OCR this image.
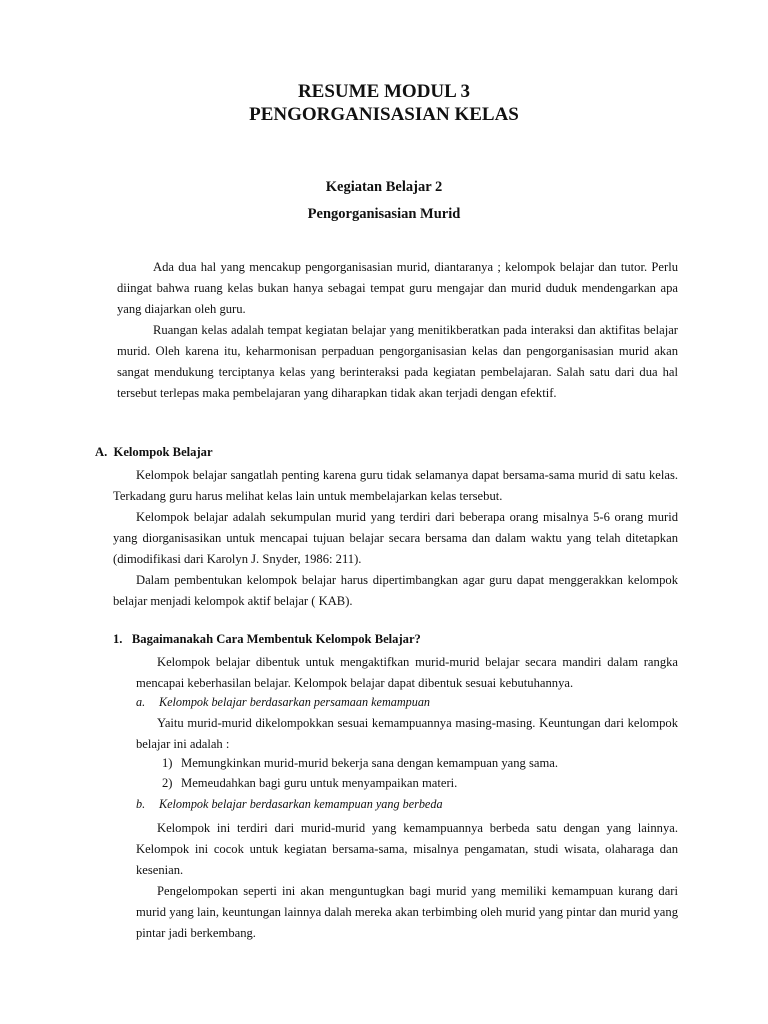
RESUME MODUL 3
PENGORGANISASIAN KELAS
Kegiatan Belajar 2
Pengorganisasian Murid

Ada dua hal yang mencakup pengorganisasian murid, diantaranya ; kelompok belajar dan tutor. Perlu diingat bahwa ruang kelas bukan hanya sebagai tempat guru mengajar dan murid duduk mendengarkan apa yang diajarkan oleh guru.

Ruangan kelas adalah tempat kegiatan belajar yang menitikberatkan pada interaksi dan aktifitas belajar murid. Oleh karena itu, keharmonisan perpaduan pengorganisasian kelas dan pengorganisasian murid akan sangat mendukung terciptanya kelas yang berinteraksi pada kegiatan pembelajaran. Salah satu dari dua hal tersebut terlepas maka pembelajaran yang diharapkan tidak akan terjadi dengan efektif.

A.  Kelompok Belajar

Kelompok belajar sangatlah penting karena guru tidak selamanya dapat bersama-sama murid di satu kelas. Terkadang guru harus melihat kelas lain untuk membelajarkan kelas tersebut.

Kelompok belajar adalah sekumpulan murid yang terdiri dari beberapa orang misalnya 5-6 orang murid yang diorganisasikan untuk mencapai tujuan belajar secara bersama dan dalam waktu yang telah ditetapkan (dimodifikasi dari Karolyn J. Snyder, 1986: 211).

Dalam pembentukan kelompok belajar harus dipertimbangkan agar guru dapat menggerakkan kelompok belajar menjadi kelompok aktif belajar ( KAB).

1.   Bagaimanakah Cara Membentuk Kelompok Belajar?

Kelompok belajar dibentuk untuk mengaktifkan murid-murid belajar secara mandiri dalam rangka mencapai keberhasilan belajar. Kelompok belajar dapat dibentuk sesuai kebutuhannya.

a. Kelompok belajar berdasarkan persamaan kemampuan

Yaitu murid-murid dikelompokkan sesuai kemampuannya masing-masing. Keuntungan dari kelompok belajar ini adalah :

1) Memungkinkan murid-murid bekerja sana dengan kemampuan yang sama.
2) Memeudahkan bagi guru untuk menyampaikan materi.
b. Kelompok belajar berdasarkan kemampuan yang berbeda

Kelompok ini terdiri dari murid-murid yang kemampuannya berbeda satu dengan yang lainnya. Kelompok ini cocok untuk kegiatan bersama-sama, misalnya pengamatan, studi wisata, olaharaga dan kesenian.

Pengelompokan seperti ini akan menguntugkan bagi murid yang memiliki kemampuan kurang dari murid yang lain, keuntungan lainnya dalah mereka akan terbimbing oleh murid yang pintar dan murid yang pintar jadi berkembang.
